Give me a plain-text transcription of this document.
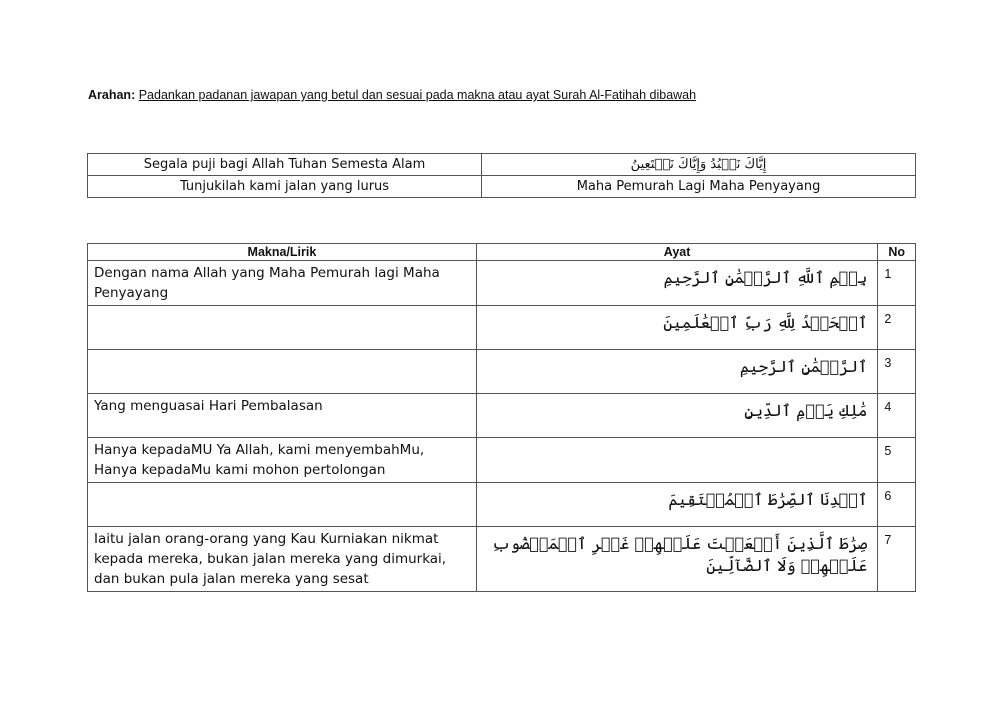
Arahan: Padankan padanan jawapan yang betul dan sesuai pada makna atau ayat Surah Al-Fatihah dibawah
Segala puji bagi Allah Tuhan Semesta Alam	إِيَّاكَ نَعۡبُدُ وَإِيَّاكَ نَسۡتَعِينُ
Tunjukilah kami jalan yang lurus	Maha Pemurah Lagi Maha Penyayang
Makna/Lirik	Ayat	No
Dengan nama Allah yang Maha Pemurah lagi Maha Penyayang	بِسۡمِ ٱللَّهِ ٱلرَّحۡمَٰنِ ٱلرَّحِيمِ	1
	ٱلۡحَمۡدُ لِلَّهِ رَبِّ ٱلۡعَٰلَمِينَ	2
	ٱلرَّحۡمَٰنِ ٱلرَّحِيمِ	3
Yang menguasai Hari Pembalasan	مَٰلِكِ يَوۡمِ ٱلدِّينِ	4
Hanya kepadaMU Ya Allah, kami menyembahMu, Hanya kepadaMu kami mohon pertolongan		5
	ٱهۡدِنَا ٱلصِّرَٰطَ ٱلۡمُسۡتَقِيمَ	6
Iaitu jalan orang-orang yang Kau Kurniakan nikmat kepada mereka, bukan jalan mereka yang dimurkai, dan bukan pula jalan mereka yang sesat	صِرَٰطَ ٱلَّذِينَ أَنۡعَمۡتَ عَلَيۡهِمۡ غَيۡرِ ٱلۡمَغۡضُوبِ عَلَيۡهِمۡ وَلَا ٱلضَّآلِّينَ	7
